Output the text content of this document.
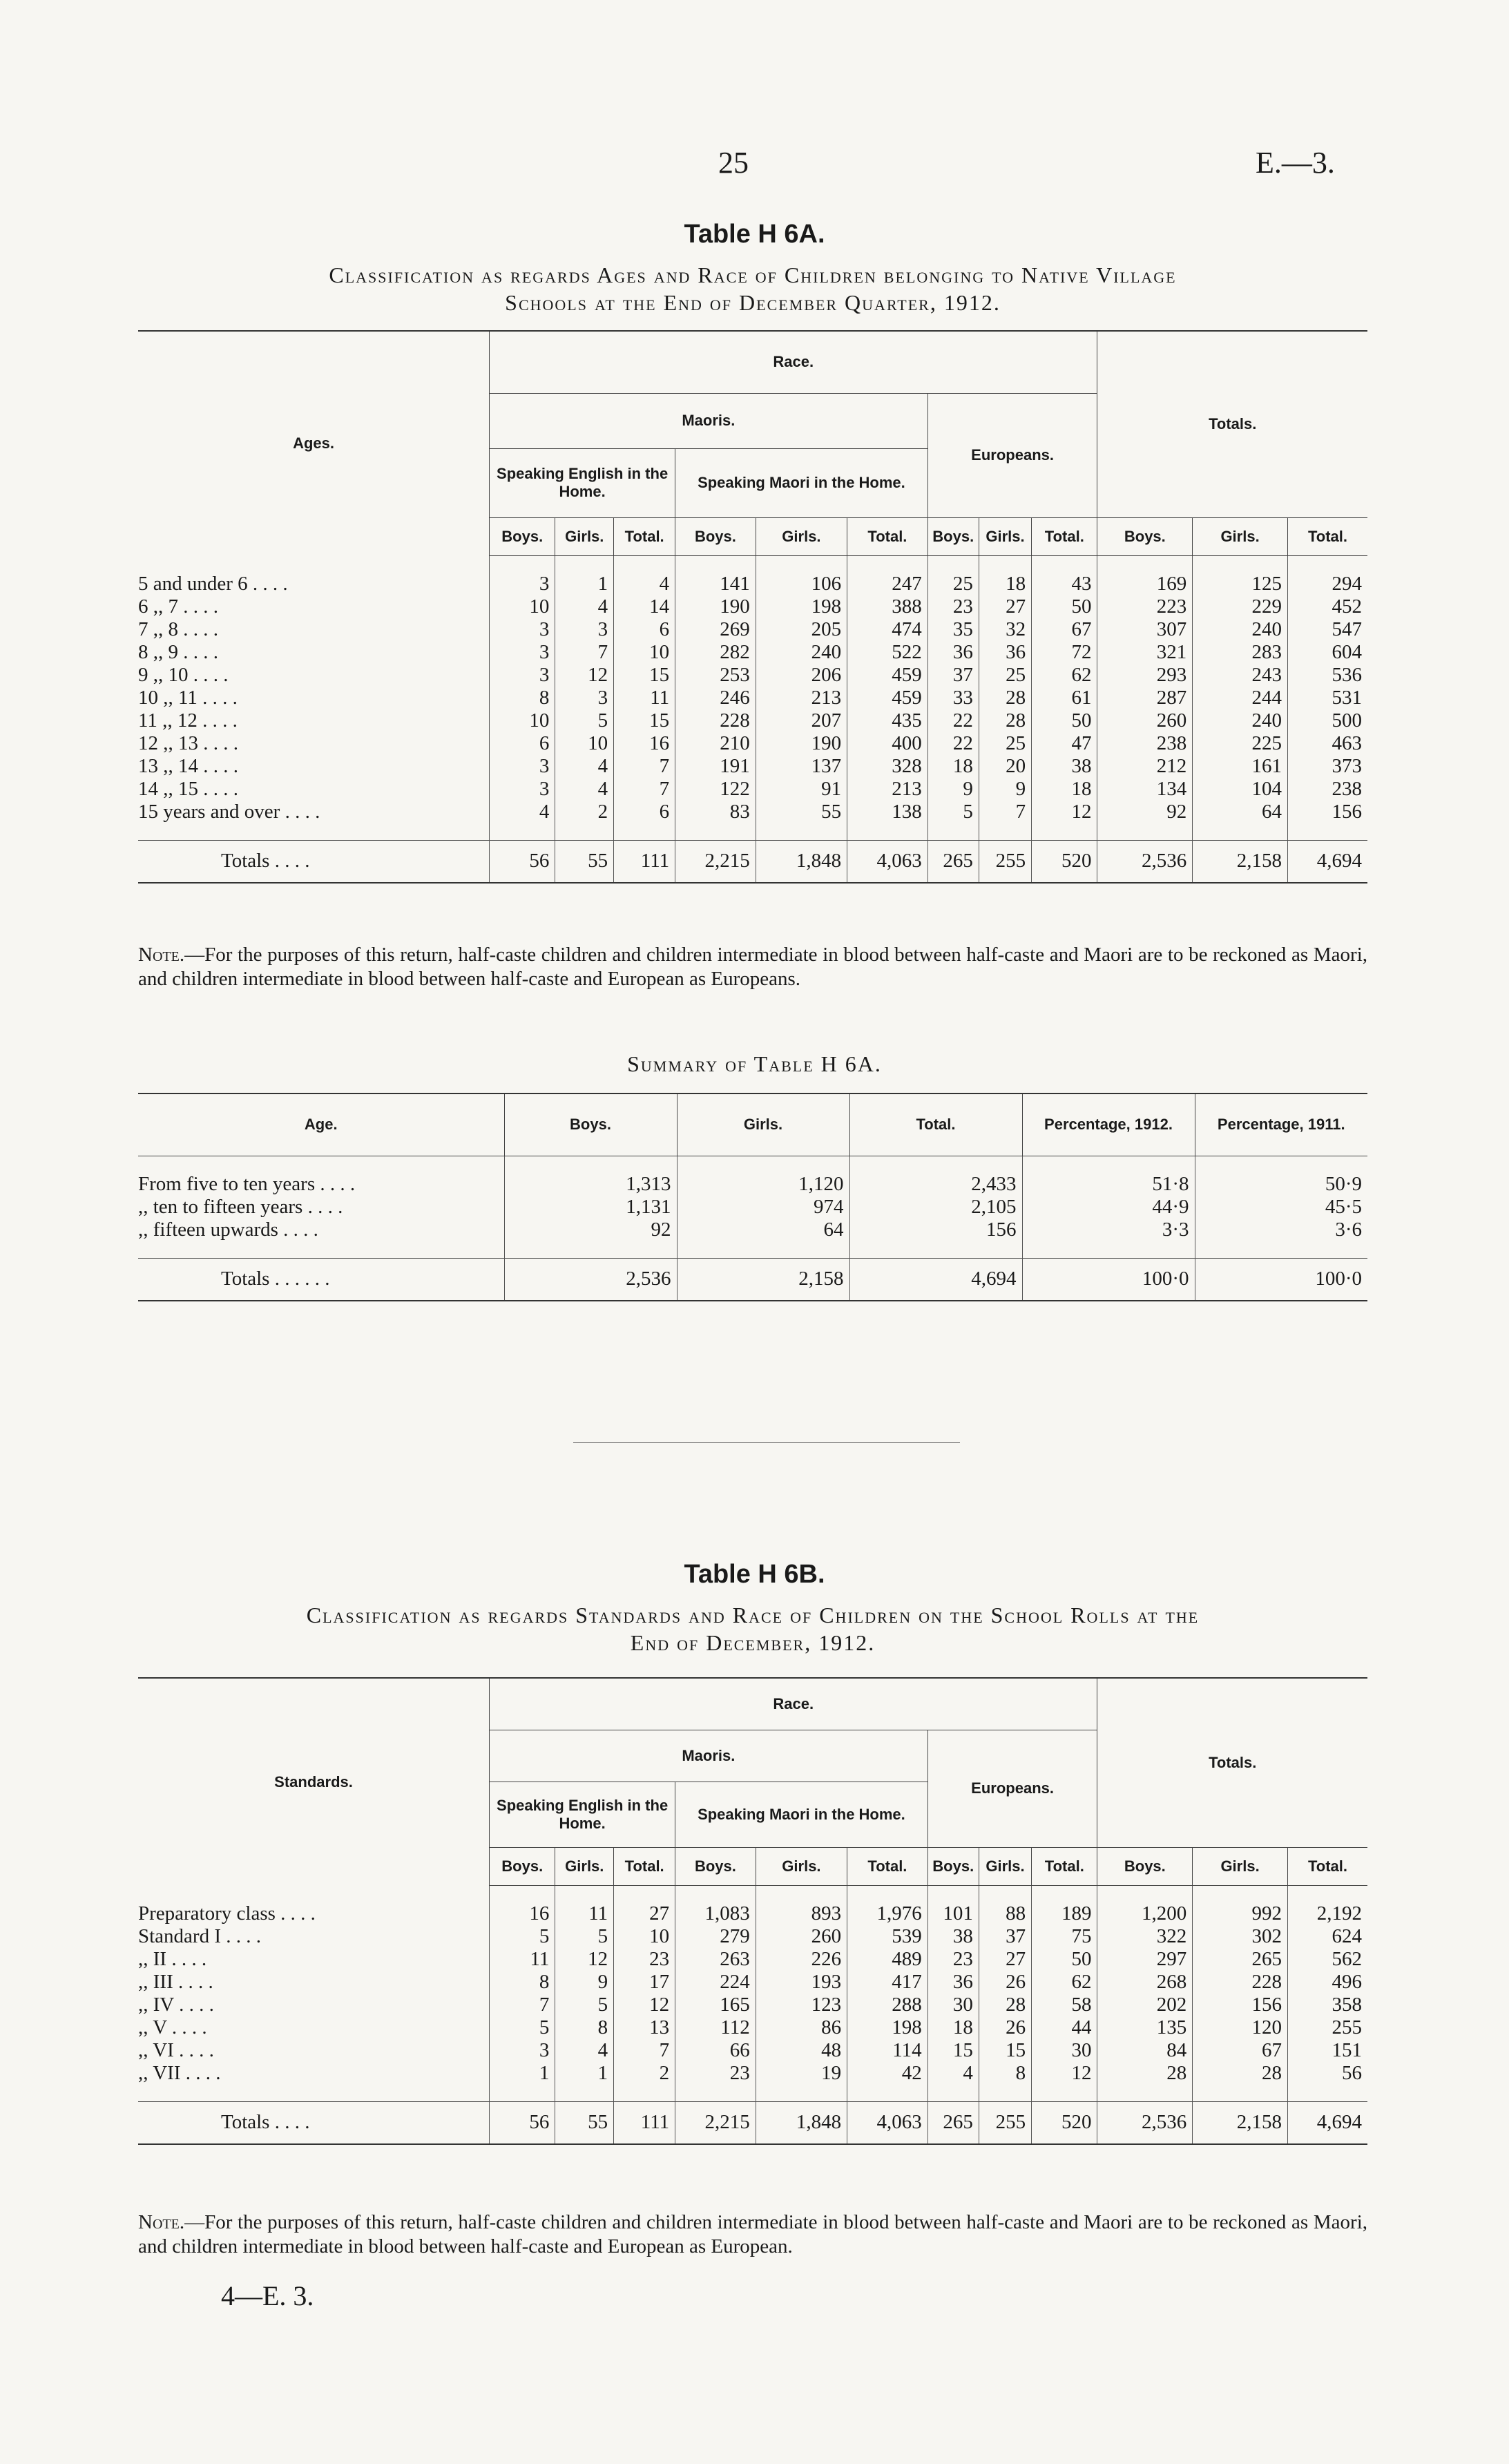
25	E.—3.
Table H 6A.
Classification as regards Ages and Race of Children belonging to Native Village
Schools at the End of December Quarter, 1912.
Ages.	Race.									Totals.		
	Maoris.						Europeans.					
	Speaking English in the Home.			Speaking Maori in the Home.								
	Boys.	Girls.	Total.	Boys.	Girls.	Total.	Boys.	Girls.	Total.	Boys.	Girls.	Total.

5 and under 6 . . . .	3	1	4	141	106	247	25	18	43	169	125	294
6 ,, 7 . . . .	10	4	14	190	198	388	23	27	50	223	229	452
7 ,, 8 . . . .	3	3	6	269	205	474	35	32	67	307	240	547
8 ,, 9 . . . .	3	7	10	282	240	522	36	36	72	321	283	604
9 ,, 10 . . . .	3	12	15	253	206	459	37	25	62	293	243	536
10 ,, 11 . . . .	8	3	11	246	213	459	33	28	61	287	244	531
11 ,, 12 . . . .	10	5	15	228	207	435	22	28	50	260	240	500
12 ,, 13 . . . .	6	10	16	210	190	400	22	25	47	238	225	463
13 ,, 14 . . . .	3	4	7	191	137	328	18	20	38	212	161	373
14 ,, 15 . . . .	3	4	7	122	91	213	9	9	18	134	104	238
15 years and over . . . .	4	2	6	83	55	138	5	7	12	92	64	156

Totals . . . .	56	55	111	2,215	1,848	4,063	265	255	520	2,536	2,158	4,694
Note.—For the purposes of this return, half-caste children and children intermediate in blood between half-caste and Maori are to be reckoned as Maori, and children intermediate in blood between half-caste and European as Europeans.
Summary of Table H 6A.
Age.	Boys.	Girls.	Total.	Percentage, 1912.	Percentage, 1911.

From five to ten years . . . .	1,313	1,120	2,433	51·8	50·9
,, ten to fifteen years . . . .	1,131	974	2,105	44·9	45·5
,, fifteen upwards . . . .	92	64	156	3·3	3·6

Totals . . . . . .	2,536	2,158	4,694	100·0	100·0
Table H 6B.
Classification as regards Standards and Race of Children on the School Rolls at the
End of December, 1912.
Standards.	Race.									Totals.		
	Maoris.						Europeans.					
	Speaking English in the Home.			Speaking Maori in the Home.								
	Boys.	Girls.	Total.	Boys.	Girls.	Total.	Boys.	Girls.	Total.	Boys.	Girls.	Total.

Preparatory class . . . .	16	11	27	1,083	893	1,976	101	88	189	1,200	992	2,192
Standard I . . . .	5	5	10	279	260	539	38	37	75	322	302	624
,, II . . . .	11	12	23	263	226	489	23	27	50	297	265	562
,, III . . . .	8	9	17	224	193	417	36	26	62	268	228	496
,, IV . . . .	7	5	12	165	123	288	30	28	58	202	156	358
,, V . . . .	5	8	13	112	86	198	18	26	44	135	120	255
,, VI . . . .	3	4	7	66	48	114	15	15	30	84	67	151
,, VII . . . .	1	1	2	23	19	42	4	8	12	28	28	56

Totals . . . .	56	55	111	2,215	1,848	4,063	265	255	520	2,536	2,158	4,694
Note.—For the purposes of this return, half-caste children and children intermediate in blood between half-caste and Maori are to be reckoned as Maori, and children intermediate in blood between half-caste and European as European.
4—E. 3.
